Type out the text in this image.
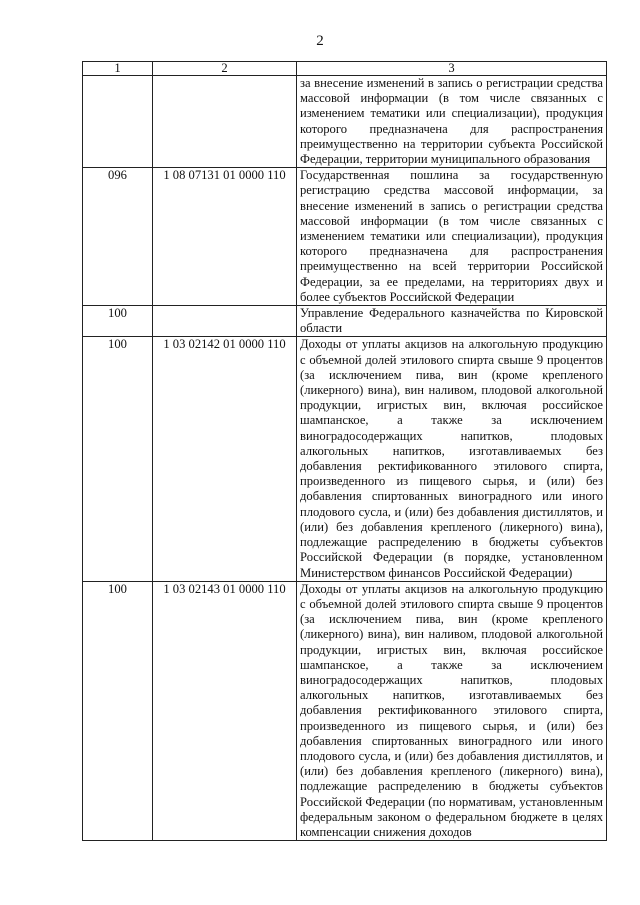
2
1	2	3
		за внесение изменений в запись о регистрации средства массовой информации (в том числе связанных с изменением тематики или специализации), продукция которого предназначена для распространения преимущественно на территории субъекта Российской Федерации, территории муниципального образования
096	1 08 07131 01 0000 110	Государственная пошлина за государственную регистрацию средства массовой информации, за внесение изменений в запись о регистрации средства массовой информации (в том числе связанных с изменением тематики или специализации), продукция которого предназначена для распространения преимущественно на всей территории Российской Федерации, за ее пределами, на территориях двух и более субъектов Российской Федерации
100		Управление Федерального казначейства по Кировской области
100	1 03 02142 01 0000 110	Доходы от уплаты акцизов на алкогольную продукцию с объемной долей этилового спирта свыше 9 процентов (за исключением пива, вин (кроме крепленого (ликерного) вина), вин наливом, плодовой алкогольной продукции, игристых вин, включая российское шампанское, а также за исключением виноградосодержащих напитков, плодовых алкогольных напитков, изготавливаемых без добавления ректификованного этилового спирта, произведенного из пищевого сырья, и (или) без добавления спиртованных виноградного или иного плодового сусла, и (или) без добавления дистиллятов, и (или) без добавления крепленого (ликерного) вина), подлежащие распределению в бюджеты субъектов Российской Федерации (в порядке, установленном Министерством финансов Российской Федерации)
100	1 03 02143 01 0000 110	Доходы от уплаты акцизов на алкогольную продукцию с объемной долей этилового спирта свыше 9 процентов (за исключением пива, вин (кроме крепленого (ликерного) вина), вин наливом, плодовой алкогольной продукции, игристых вин, включая российское шампанское, а также за исключением виноградосодержащих напитков, плодовых алкогольных напитков, изготавливаемых без добавления ректификованного этилового спирта, произведенного из пищевого сырья, и (или) без добавления спиртованных виноградного или иного плодового сусла, и (или) без добавления дистиллятов, и (или) без добавления крепленого (ликерного) вина), подлежащие распределению в бюджеты субъектов Российской Федерации (по нормативам, установленным федеральным законом о федеральном бюджете в целях компенсации снижения доходов
